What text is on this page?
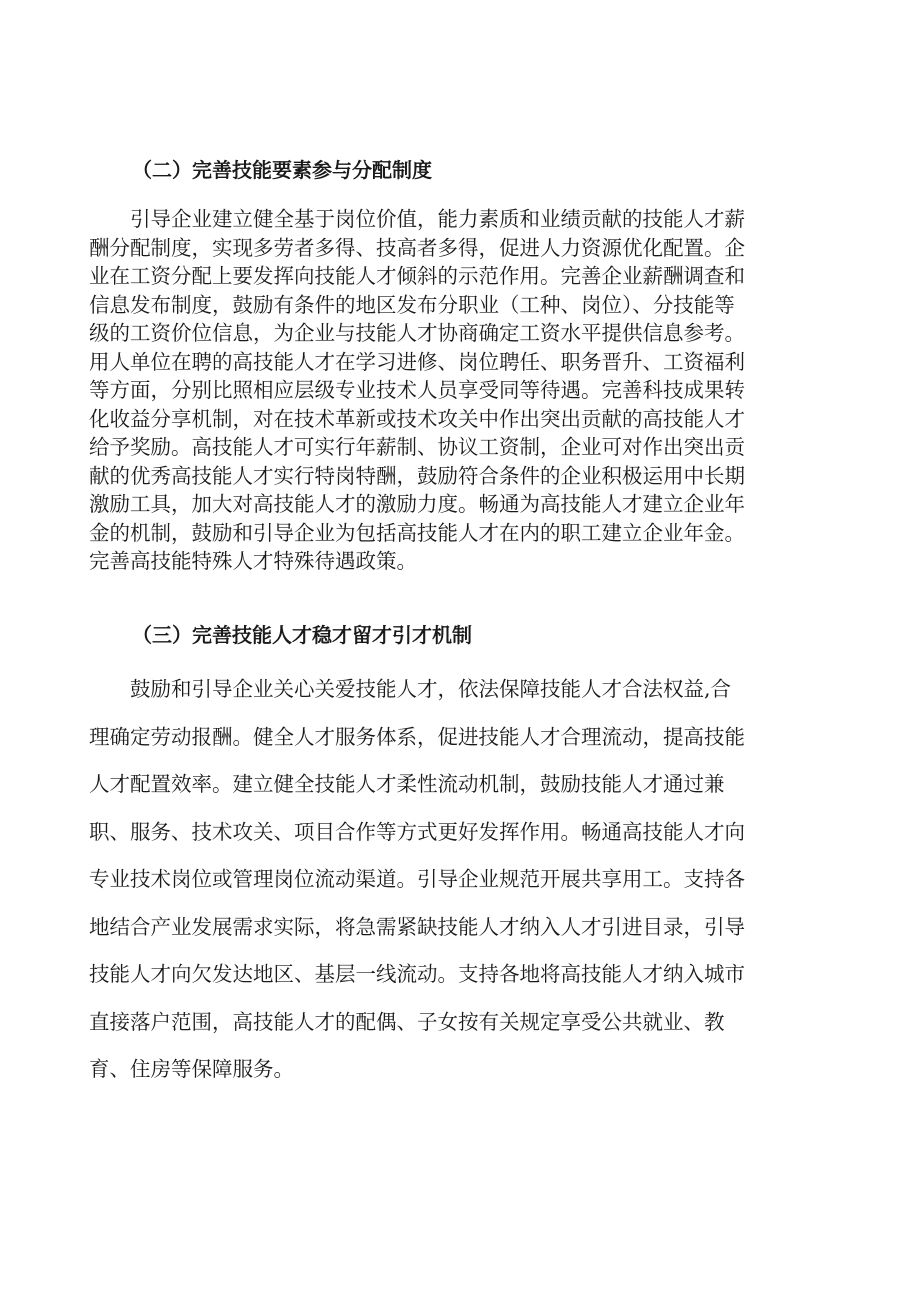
（二）完善技能要素参与分配制度

引导企业建立健全基于岗位价值，能力素质和业绩贡献的技能人才薪
酬分配制度，实现多劳者多得、技高者多得，促进人力资源优化配置。企
业在工资分配上要发挥向技能人才倾斜的示范作用。完善企业薪酬调查和
信息发布制度，鼓励有条件的地区发布分职业（工种、岗位）、分技能等
级的工资价位信息，为企业与技能人才协商确定工资水平提供信息参考。
用人单位在聘的高技能人才在学习进修、岗位聘任、职务晋升、工资福利
等方面，分别比照相应层级专业技术人员享受同等待遇。完善科技成果转
化收益分享机制，对在技术革新或技术攻关中作出突出贡献的高技能人才
给予奖励。高技能人才可实行年薪制、协议工资制，企业可对作出突出贡
献的优秀高技能人才实行特岗特酬，鼓励符合条件的企业积极运用中长期
激励工具，加大对高技能人才的激励力度。畅通为高技能人才建立企业年
金的机制，鼓励和引导企业为包括高技能人才在内的职工建立企业年金。
完善高技能特殊人才特殊待遇政策。

（三）完善技能人才稳才留才引才机制

鼓励和引导企业关心关爱技能人才，依法保障技能人才合法权益,合
理确定劳动报酬。健全人才服务体系，促进技能人才合理流动，提高技能
人才配置效率。建立健全技能人才柔性流动机制，鼓励技能人才通过兼
职、服务、技术攻关、项目合作等方式更好发挥作用。畅通高技能人才向
专业技术岗位或管理岗位流动渠道。引导企业规范开展共享用工。支持各
地结合产业发展需求实际，将急需紧缺技能人才纳入人才引进目录，引导
技能人才向欠发达地区、基层一线流动。支持各地将高技能人才纳入城市
直接落户范围，高技能人才的配偶、子女按有关规定享受公共就业、教
育、住房等保障服务。
